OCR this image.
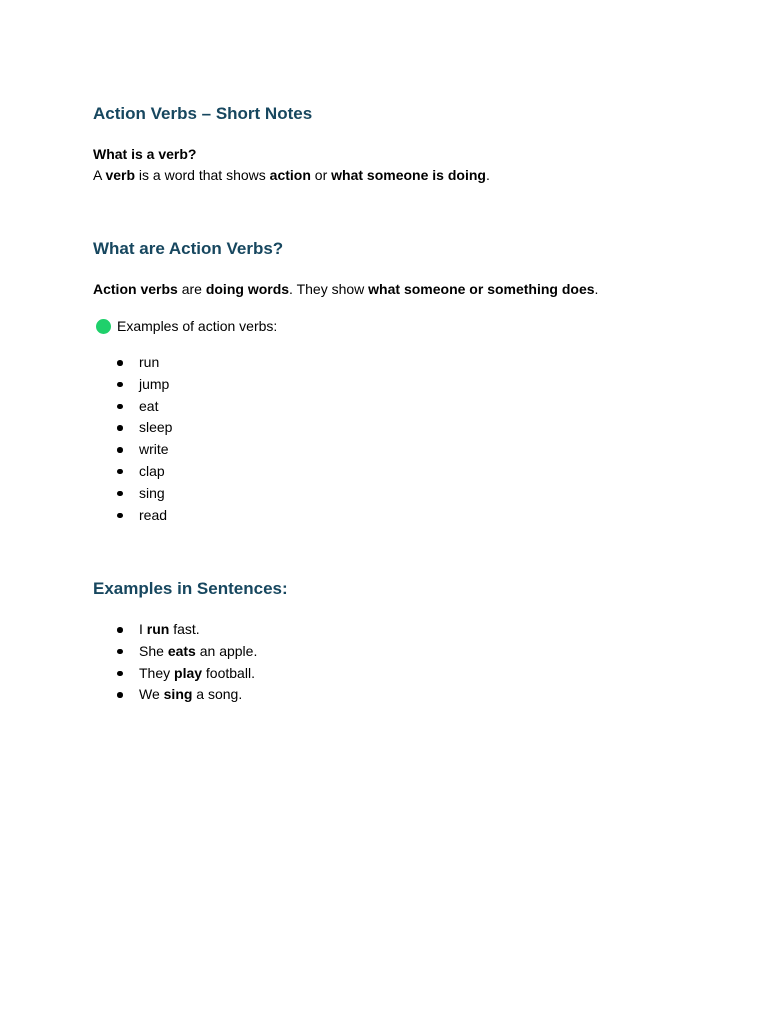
Action Verbs – Short Notes

What is a verb?

A verb is a word that shows action or what someone is doing.

What are Action Verbs?

Action verbs are doing words. They show what someone or something does.

Examples of action verbs:

run
jump
eat
sleep
write
clap
sing
read
Examples in Sentences:
I run fast.
She eats an apple.
They play football.
We sing a song.
